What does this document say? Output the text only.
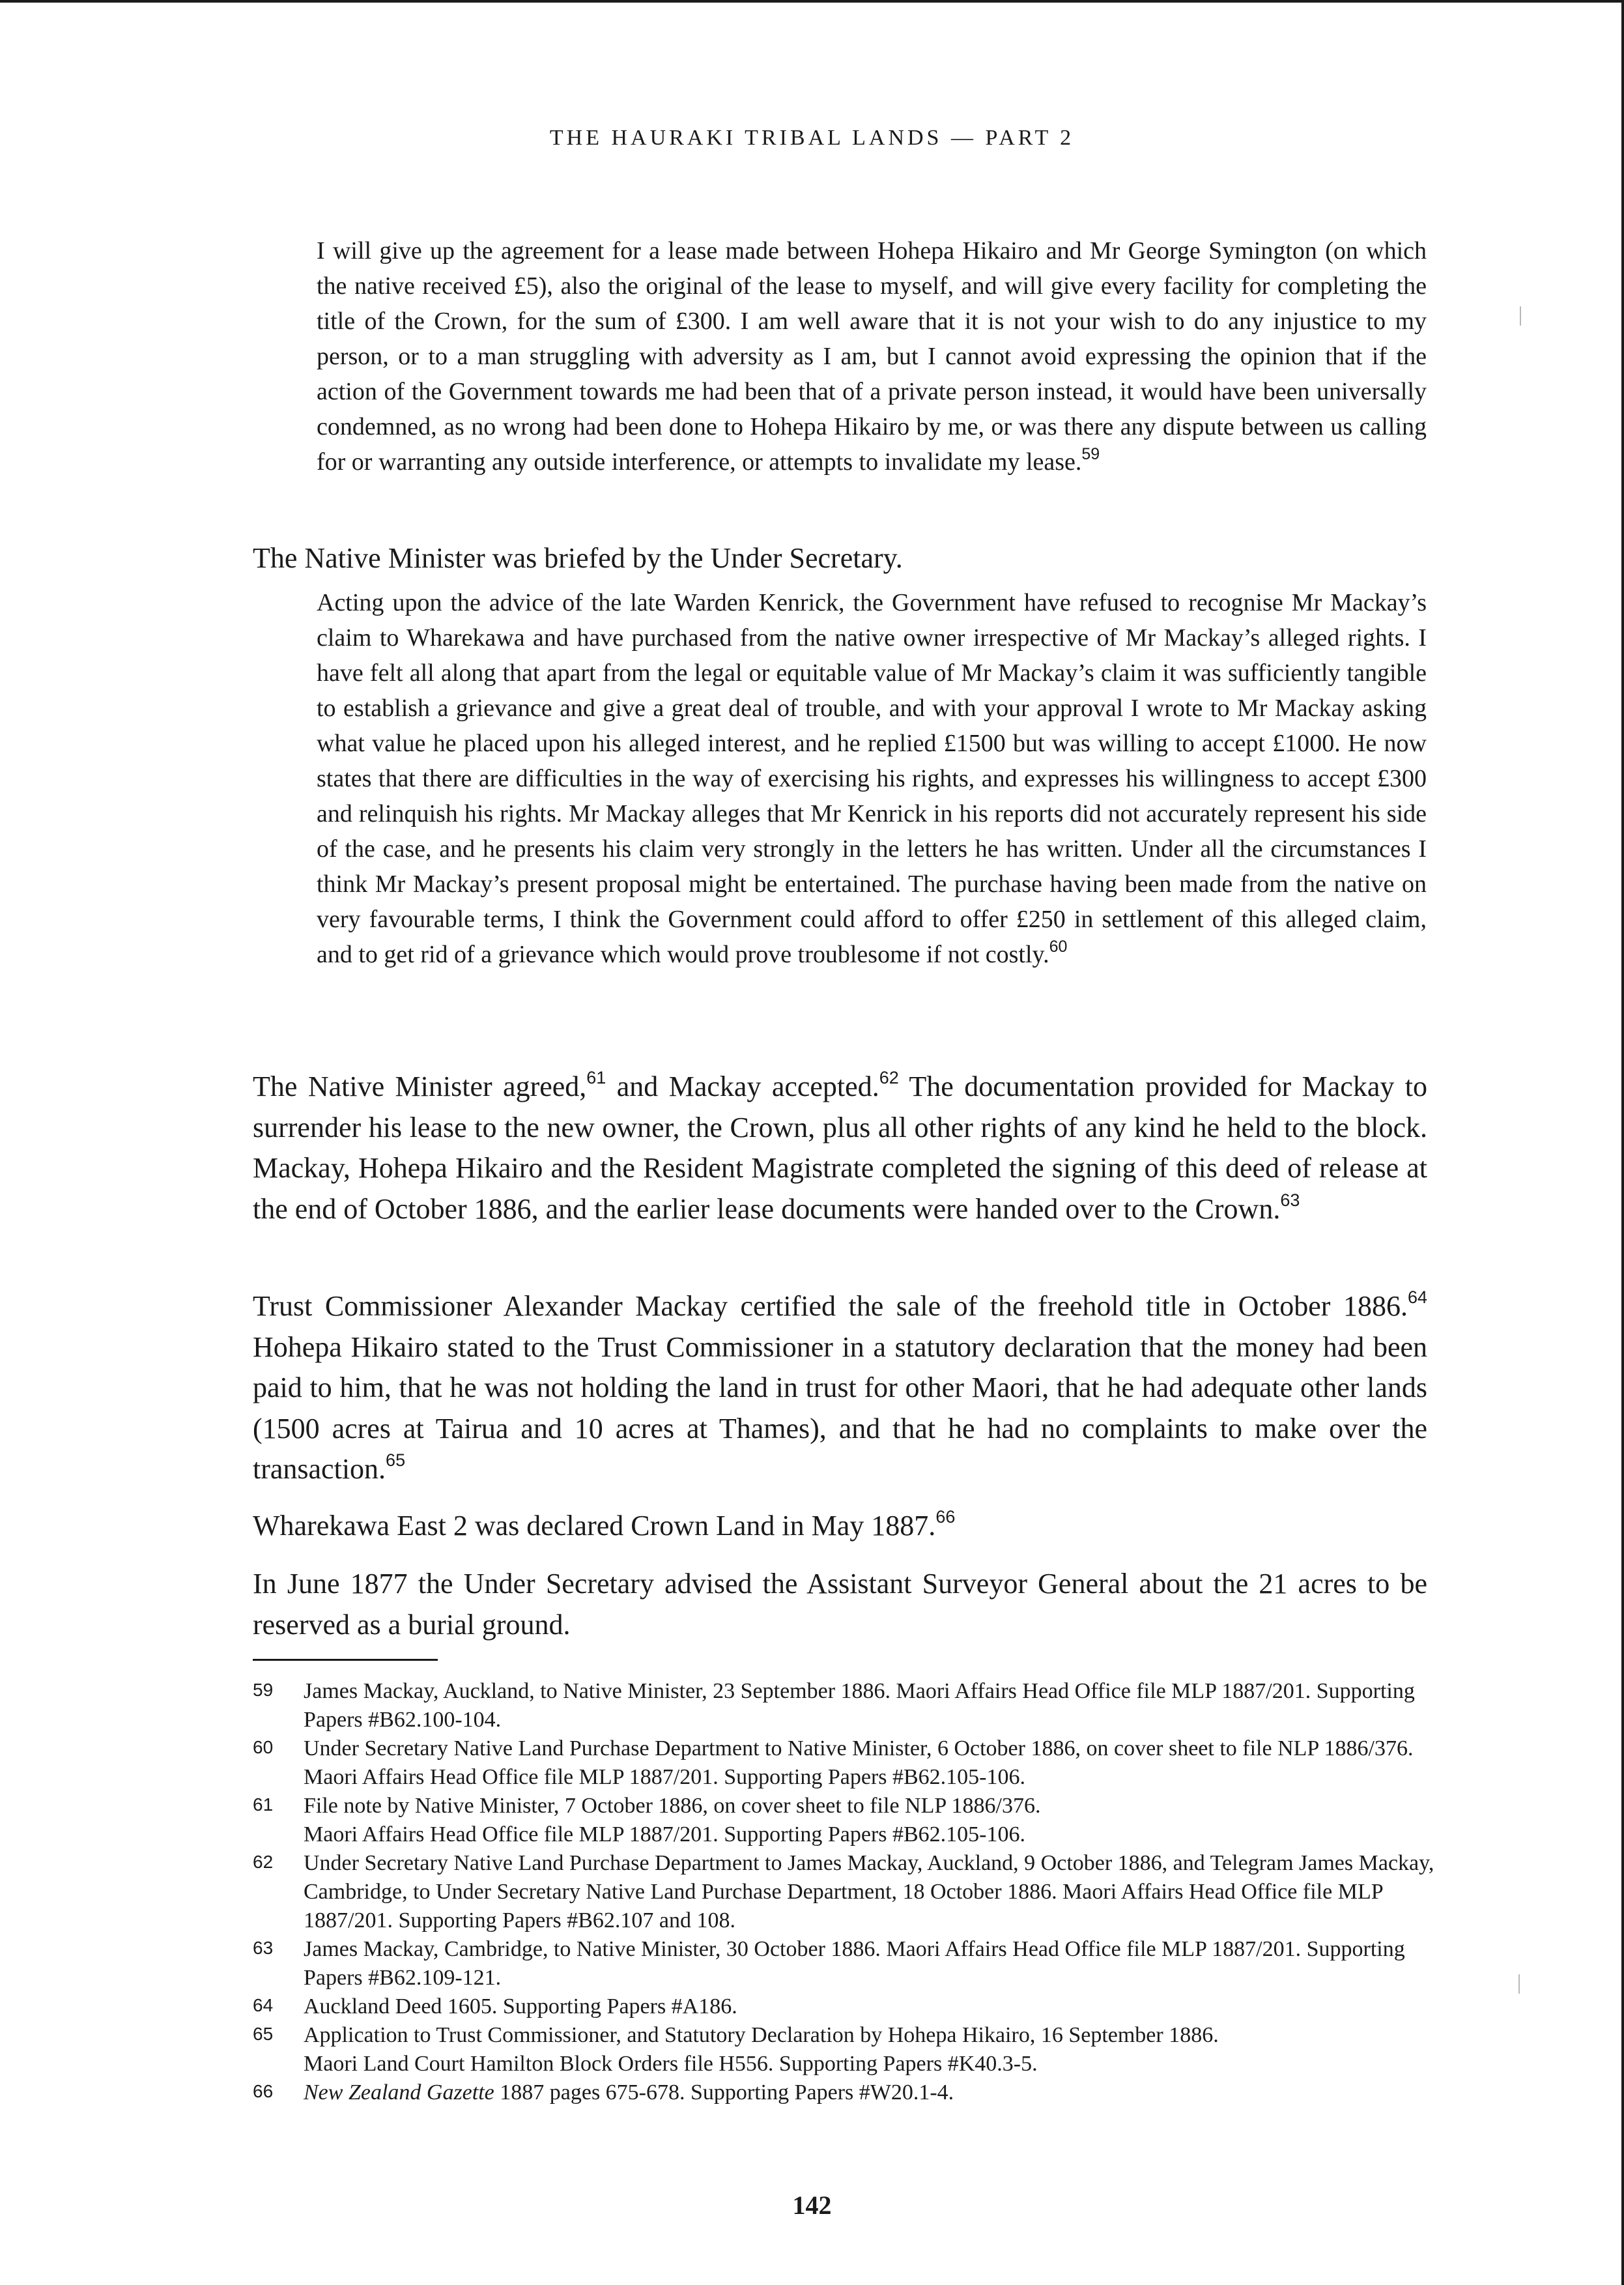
THE HAURAKI TRIBAL LANDS — PART 2
I will give up the agreement for a lease made between Hohepa Hikairo and Mr George Symington (on which the native received £5), also the original of the lease to myself, and will give every facility for completing the title of the Crown, for the sum of £300. I am well aware that it is not your wish to do any injustice to my person, or to a man struggling with adversity as I am, but I cannot avoid expressing the opinion that if the action of the Government towards me had been that of a private person instead, it would have been universally condemned, as no wrong had been done to Hohepa Hikairo by me, or was there any dispute between us calling for or warranting any outside interference, or attempts to invalidate my lease.$^{59}$
The Native Minister was briefed by the Under Secretary.
Acting upon the advice of the late Warden Kenrick, the Government have refused to recognise Mr Mackay’s claim to Wharekawa and have purchased from the native owner irrespective of Mr Mackay’s alleged rights. I have felt all along that apart from the legal or equitable value of Mr Mackay’s claim it was sufficiently tangible to establish a grievance and give a great deal of trouble, and with your approval I wrote to Mr Mackay asking what value he placed upon his alleged interest, and he replied £1500 but was willing to accept £1000. He now states that there are difficulties in the way of exercising his rights, and expresses his willingness to accept £300 and relinquish his rights. Mr Mackay alleges that Mr Kenrick in his reports did not accurately represent his side of the case, and he presents his claim very strongly in the letters he has written. Under all the circumstances I think Mr Mackay’s present proposal might be entertained. The purchase having been made from the native on very favourable terms, I think the Government could afford to offer £250 in settlement of this alleged claim, and to get rid of a grievance which would prove troublesome if not costly.$^{60}$
The Native Minister agreed,$^{61}$ and Mackay accepted.$^{62}$ The documentation provided for Mackay to surrender his lease to the new owner, the Crown, plus all other rights of any kind he held to the block. Mackay, Hohepa Hikairo and the Resident Magistrate completed the signing of this deed of release at the end of October 1886, and the earlier lease documents were handed over to the Crown.$^{63}$
Trust Commissioner Alexander Mackay certified the sale of the freehold title in October 1886.64 Hohepa Hikairo stated to the Trust Commissioner in a statutory declaration that the money had been paid to him, that he was not holding the land in trust for other Maori, that he had adequate other lands (1500 acres at Tairua and 10 acres at Thames), and that he had no complaints to make over the transaction.$^{65}$
Wharekawa East 2 was declared Crown Land in May 1887.66
In June 1877 the Under Secretary advised the Assistant Surveyor General about the 21 acres to be reserved as a burial ground.
59	James Mackay, Auckland, to Native Minister, 23 September 1886. Maori Affairs Head Office file MLP 1887/201. Supporting Papers #B62.100-104.
60	Under Secretary Native Land Purchase Department to Native Minister, 6 October 1886, on cover sheet to file NLP 1886/376. Maori Affairs Head Office file MLP 1887/201. Supporting Papers #B62.105-106.
61	File note by Native Minister, 7 October 1886, on cover sheet to file NLP 1886/376.
Maori Affairs Head Office file MLP 1887/201. Supporting Papers #B62.105-106.
62	Under Secretary Native Land Purchase Department to James Mackay, Auckland, 9 October 1886, and Telegram James Mackay, Cambridge, to Under Secretary Native Land Purchase Department, 18 October 1886. Maori Affairs Head Office file MLP 1887/201. Supporting Papers #B62.107 and 108.
63	James Mackay, Cambridge, to Native Minister, 30 October 1886. Maori Affairs Head Office file MLP 1887/201. Supporting Papers #B62.109-121.
64	Auckland Deed 1605. Supporting Papers #A186.
65	Application to Trust Commissioner, and Statutory Declaration by Hohepa Hikairo, 16 September 1886.
Maori Land Court Hamilton Block Orders file H556. Supporting Papers #K40.3-5.
66	New Zealand Gazette 1887 pages 675-678. Supporting Papers #W20.1-4.
142
